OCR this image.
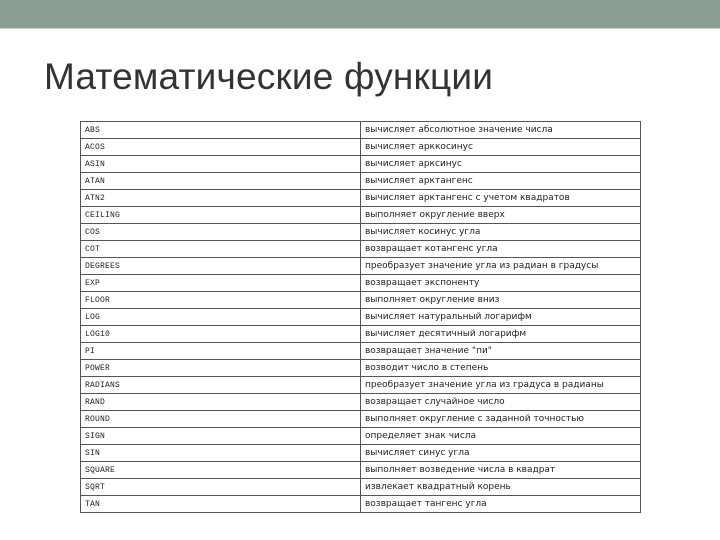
Математические функции
ABS	вычисляет абсолютное значение числа
ACOS	вычисляет арккосинус
ASIN	вычисляет арксинус
ATAN	вычисляет арктангенс
ATN2	вычисляет арктангенс с учетом квадратов
CEILING	выполняет округление вверх
COS	вычисляет косинус угла
COT	возвращает котангенс угла
DEGREES	преобразует значение угла из радиан в градусы
EXP	возвращает экспоненту
FLOOR	выполняет округление вниз
LOG	вычисляет натуральный логарифм
LOG10	вычисляет десятичный логарифм
PI	возвращает значение "пи"
POWER	возводит число в степень
RADIANS	преобразует значение угла из градуса в радианы
RAND	возвращает случайное число
ROUND	выполняет округление с заданной точностью
SIGN	определяет знак числа
SIN	вычисляет синус угла
SQUARE	выполняет возведение числа в квадрат
SQRT	извлекает квадратный корень
TAN	возвращает тангенс угла
